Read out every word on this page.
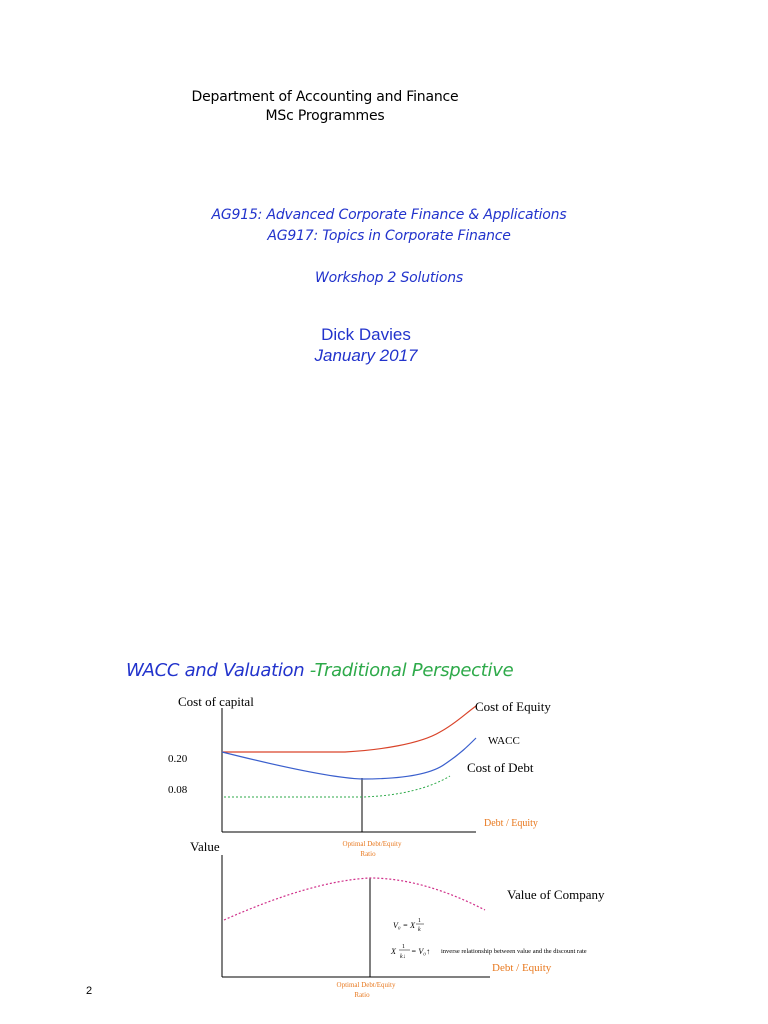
Department of Accounting and Finance
MSc Programmes
AG915: Advanced Corporate Finance & Applications
AG917: Topics in Corporate Finance
Workshop 2 Solutions
Dick Davies
January 2017
WACC and Valuation -Traditional Perspective
Cost of capital
0.20
0.08
Cost of Equity
WACC
Cost of Debt
Debt / Equity
Optimal Debt/Equity
Ratio
Value
Value of Company
V₀ = X 1
k
X 1
k↓
= V₀↑ inverse relationship between value and the discount rate
Debt / Equity
Optimal Debt/Equity
Ratio
2
